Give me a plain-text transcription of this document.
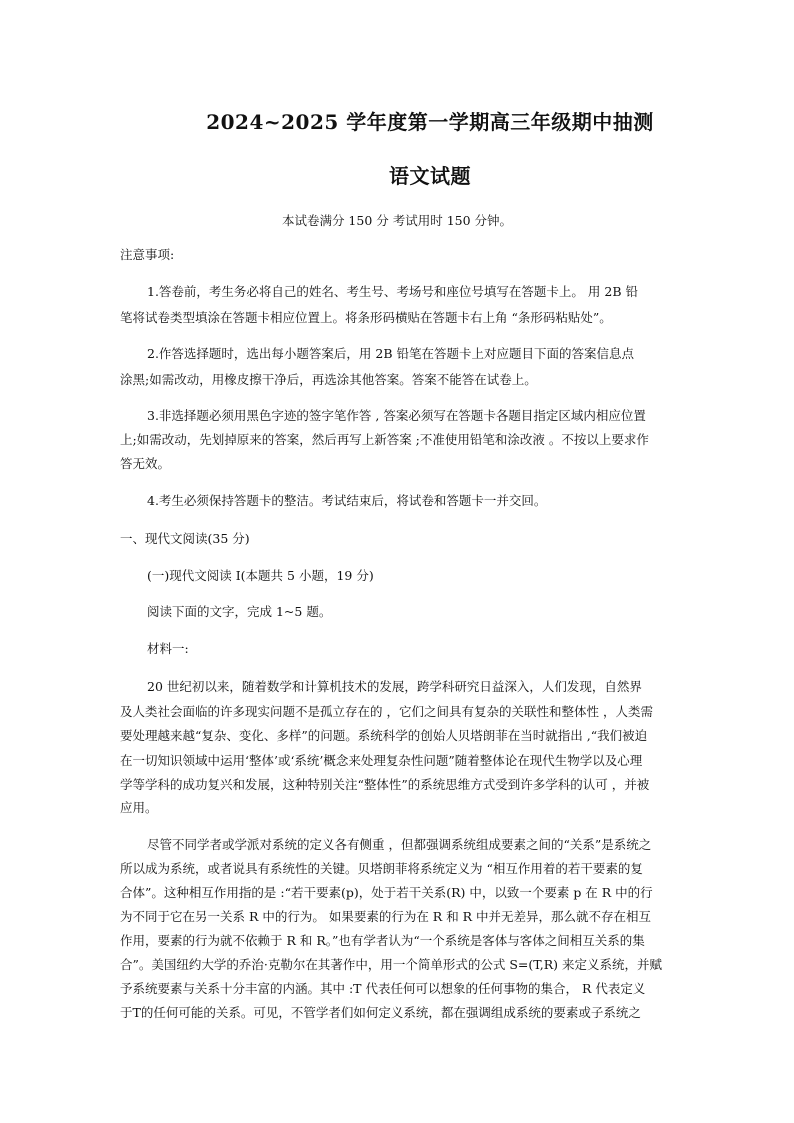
2024~2025 学年度第一学期高三年级期中抽测
语文试题
本试卷满分 150 分 考试用时 150 分钟。
注意事项:
1.答卷前，考生务必将自己的姓名、考生号、考场号和座位号填写在答题卡上。 用 2B 铅
笔将试卷类型填涂在答题卡相应位置上。将条形码横贴在答题卡右上角 “条形码粘贴处”。
2.作答选择题时，选出每小题答案后，用 2B 铅笔在答题卡上对应题目下面的答案信息点
涂黑;如需改动，用橡皮擦干净后，再选涂其他答案。答案不能答在试卷上。
3.非选择题必须用黑色字迹的签字笔作答 , 答案必须写在答题卡各题目指定区域内相应位置
上;如需改动，先划掉原来的答案，然后再写上新答案 ;不准使用铅笔和涂改液 。不按以上要求作
答无效。
4.考生必须保持答题卡的整洁。考试结束后，将试卷和答题卡一并交回。
一、现代文阅读(35 分)
(一)现代文阅读 I(本题共 5 小题，19 分)
阅读下面的文字，完成 1~5 题。
材料一:
20 世纪初以来，随着数学和计算机技术的发展，跨学科研究日益深入，人们发现，自然界
及人类社会面临的许多现实问题不是孤立存在的 ，它们之间具有复杂的关联性和整体性 ，人类需
要处理越来越“复杂、变化、多样”的问题。系统科学的创始人贝塔朗菲在当时就指出 ,“我们被迫
在一切知识领域中运用‘整体’或‘系统’概念来处理复杂性问题”随着整体论在现代生物学以及心理
学等学科的成功复兴和发展，这种特别关注“整体性”的系统思维方式受到许多学科的认可 ，并被
应用。
尽管不同学者或学派对系统的定义各有侧重 ，但都强调系统组成要素之间的“关系”是系统之
所以成为系统，或者说具有系统性的关键。贝塔朗菲将系统定义为 “相互作用着的若干要素的复
合体”。这种相互作用指的是 :“若干要素(p)，处于若干关系(R) 中，以致一个要素 p 在 R 中的行
为不同于它在另一关系 R 中的行为。 如果要素的行为在 R 和 R 中并无差异，那么就不存在相互
作用，要素的行为就不依赖于 R 和 R。”也有学者认为“一个系统是客体与客体之间相互关系的集
合”。美国纽约大学的乔治·克勒尔在其著作中，用一个简单形式的公式 S=(T,R) 来定义系统，并赋
予系统要素与关系十分丰富的内涵。其中 :T 代表任何可以想象的任何事物的集合， R 代表定义
于T的任何可能的关系。可见，不管学者们如何定义系统，都在强调组成系统的要素或子系统之
